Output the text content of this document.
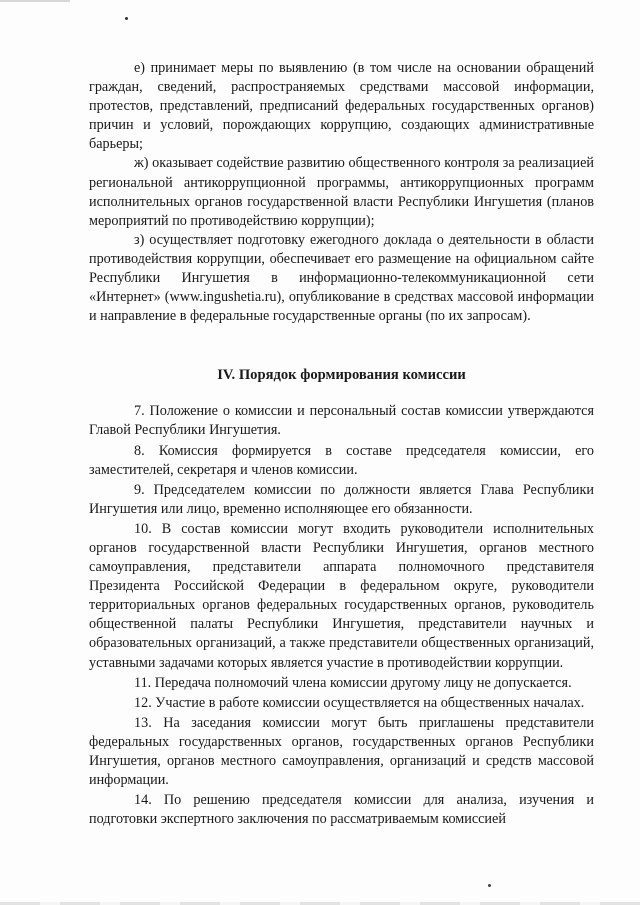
е) принимает меры по выявлению (в том числе на основании обращений граждан, сведений, распространяемых средствами массовой информации, протестов, представлений, предписаний федеральных государственных органов) причин и условий, порождающих коррупцию, создающих административные барьеры;

ж) оказывает содействие развитию общественного контроля за реализацией региональной антикоррупционной программы, антикоррупционных программ исполнительных органов государственной власти Республики Ингушетия (планов мероприятий по противодействию коррупции);

з) осуществляет подготовку ежегодного доклада о деятельности в области противодействия коррупции, обеспечивает его размещение на официальном сайте Республики Ингушетия в информационно-телекоммуникационной сети «Интернет» (www.ingushetia.ru), опубликование в средствах массовой информации и направление в федеральные государственные органы (по их запросам).

IV. Порядок формирования комиссии

7. Положение о комиссии и персональный состав комиссии утверждаются Главой Республики Ингушетия.

8. Комиссия формируется в составе председателя комиссии, его заместителей, секретаря и членов комиссии.

9. Председателем комиссии по должности является Глава Республики Ингушетия или лицо, временно исполняющее его обязанности.

10. В состав комиссии могут входить руководители исполнительных органов государственной власти Республики Ингушетия, органов местного самоуправления, представители аппарата полномочного представителя Президента Российской Федерации в федеральном округе, руководители территориальных органов федеральных государственных органов, руководитель общественной палаты Республики Ингушетия, представители научных и образовательных организаций, а также представители общественных организаций, уставными задачами которых является участие в противодействии коррупции.

11. Передача полномочий члена комиссии другому лицу не допускается.

12. Участие в работе комиссии осуществляется на общественных началах.

13. На заседания комиссии могут быть приглашены представители федеральных государственных органов, государственных органов Республики Ингушетия, органов местного самоуправления, организаций и средств массовой информации.

14. По решению председателя комиссии для анализа, изучения и подготовки экспертного заключения по рассматриваемым комиссией
